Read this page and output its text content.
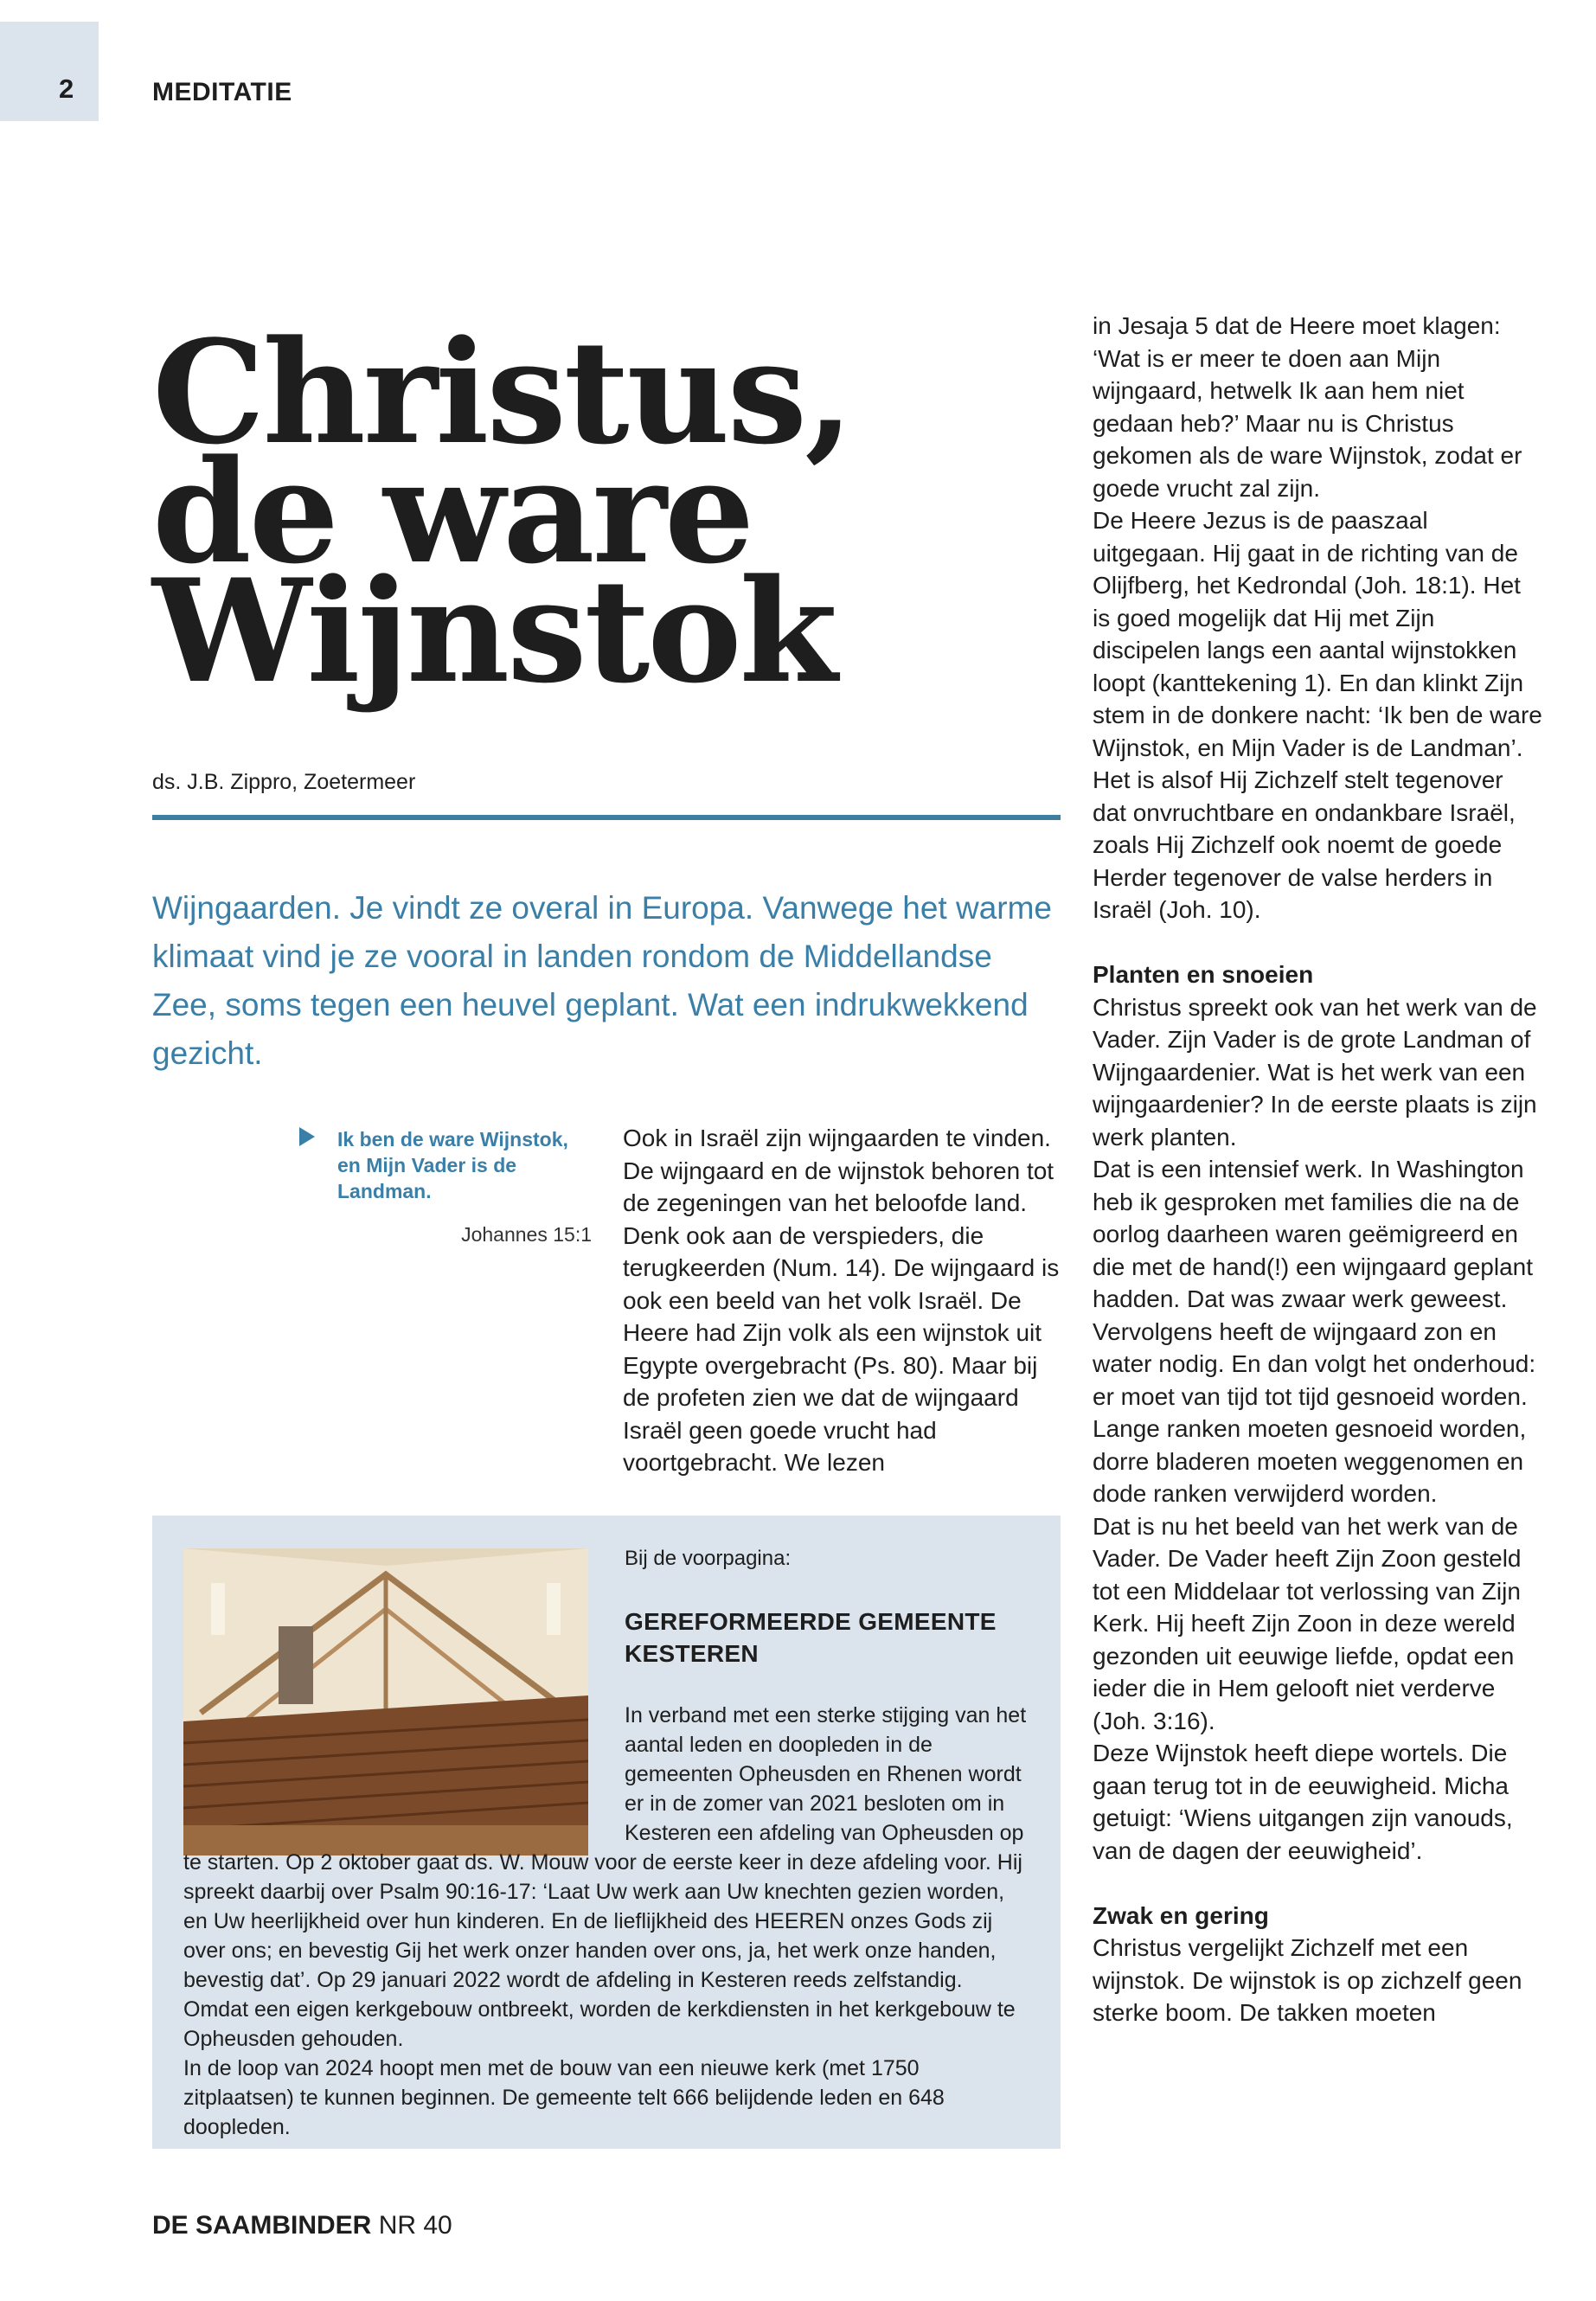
2	MEDITATIE
Christus,
de ware
Wijnstok
ds. J.B. Zippro, Zoetermeer
Wijngaarden. Je vindt ze overal in Europa. Vanwege het warme klimaat vind je ze vooral in landen rondom de Middellandse Zee, soms tegen een heuvel geplant. Wat een indrukwekkend gezicht.
Ik ben de ware Wijnstok, en Mijn Vader is de Landman.
Johannes 15:1
Ook in Israël zijn wijngaarden te vinden. De wijngaard en de wijnstok behoren tot de zegeningen van het beloofde land. Denk ook aan de verspieders, die terugkeerden (Num. 14). De wijngaard is ook een beeld van het volk Israël. De Heere had Zijn volk als een wijnstok uit Egypte overgebracht (Ps. 80). Maar bij de profeten zien we dat de wijngaard Israël geen goede vrucht had voortgebracht. We lezen

in Jesaja 5 dat de Heere moet klagen: ‘Wat is er meer te doen aan Mijn wijngaard, hetwelk Ik aan hem niet gedaan heb?’ Maar nu is Christus gekomen als de ware Wijnstok, zodat er goede vrucht zal zijn.

De Heere Jezus is de paaszaal uitgegaan. Hij gaat in de richting van de Olijfberg, het Kedrondal (Joh. 18:1). Het is goed mogelijk dat Hij met Zijn discipelen langs een aantal wijnstokken loopt (kanttekening 1). En dan klinkt Zijn stem in de donkere nacht: ‘Ik ben de ware Wijnstok, en Mijn Vader is de Landman’. Het is alsof Hij Zichzelf stelt tegenover dat onvruchtbare en ondankbare Israël, zoals Hij Zichzelf ook noemt de goede Herder tegenover de valse herders in Israël (Joh. 10).

Planten en snoeien

Christus spreekt ook van het werk van de Vader. Zijn Vader is de grote Landman of Wijngaardenier. Wat is het werk van een wijngaardenier? In de eerste plaats is zijn werk planten.

Dat is een intensief werk. In Washington heb ik gesproken met families die na de oorlog daarheen waren geëmigreerd en die met de hand(!) een wijngaard geplant hadden. Dat was zwaar werk geweest.

Vervolgens heeft de wijngaard zon en water nodig. En dan volgt het onderhoud: er moet van tijd tot tijd gesnoeid worden. Lange ranken moeten gesnoeid worden, dorre bladeren moeten weggenomen en dode ranken verwijderd worden.

Dat is nu het beeld van het werk van de Vader. De Vader heeft Zijn Zoon gesteld tot een Middelaar tot verlossing van Zijn Kerk. Hij heeft Zijn Zoon in deze wereld gezonden uit eeuwige liefde, opdat een ieder die in Hem gelooft niet verderve (Joh. 3:16).

Deze Wijnstok heeft diepe wortels. Die gaan terug tot in de eeuwigheid. Micha getuigt: ‘Wiens uitgangen zijn vanouds, van de dagen der eeuwigheid’.

Zwak en gering

Christus vergelijkt Zichzelf met een wijnstok. De wijnstok is op zichzelf geen sterke boom. De takken moeten

Bij de voorpagina:
GEREFORMEERDE GEMEENTE KESTEREN
In verband met een sterke stijging van het aantal leden en doopleden in de gemeenten Opheusden en Rhenen wordt er in de zomer van 2021 besloten om in Kesteren een afdeling van Opheusden op te starten. Op 2 oktober gaat ds. W. Mouw voor de eerste keer in deze afdeling voor. Hij spreekt daarbij over Psalm 90:16-17: ‘Laat Uw werk aan Uw knechten gezien worden, en Uw heerlijkheid over hun kinderen. En de lieflijkheid des HEEREN onzes Gods zij over ons; en bevestig Gij het werk onzer handen over ons, ja, het werk onze handen, bevestig dat’. Op 29 januari 2022 wordt de afdeling in Kesteren reeds zelfstandig. Omdat een eigen kerkgebouw ontbreekt, worden de kerkdiensten in het kerkgebouw te Opheusden gehouden.
In de loop van 2024 hoopt men met de bouw van een nieuwe kerk (met 1750 zitplaatsen) te kunnen beginnen. De gemeente telt 666 belijdende leden en 648 doopleden.
DE SAAMBINDER NR 40
